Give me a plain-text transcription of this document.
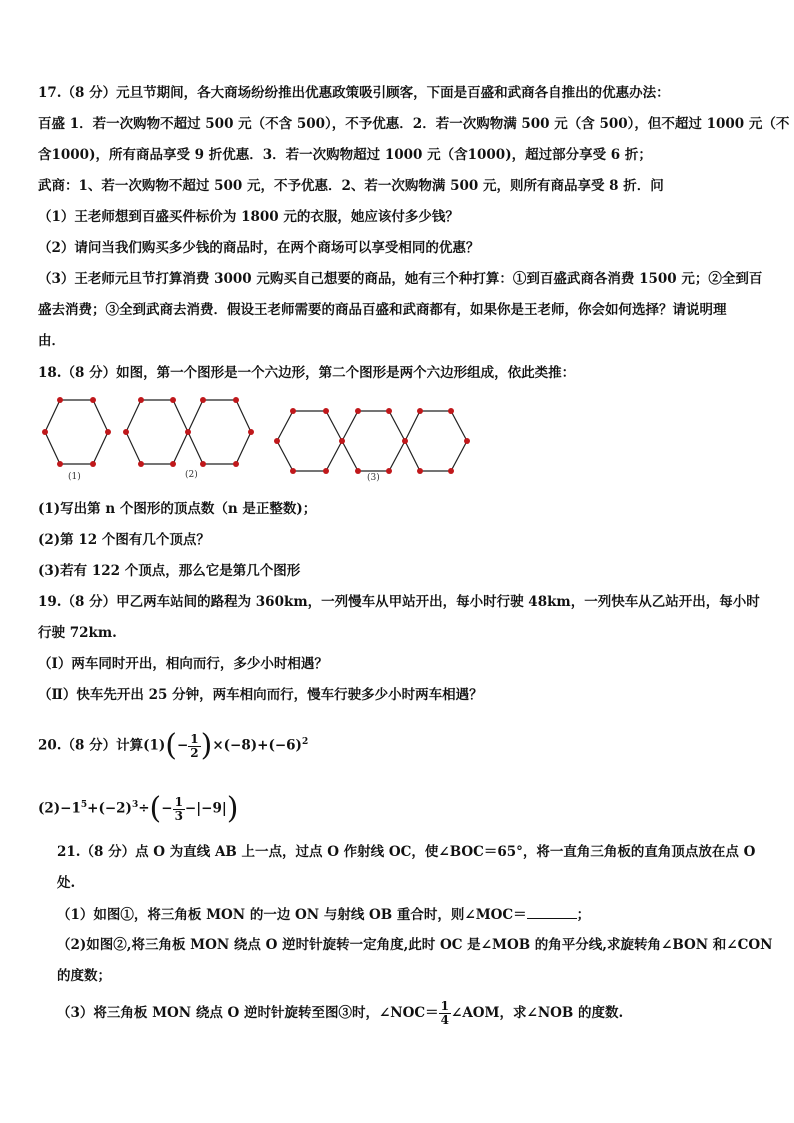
17.（8 分）元旦节期间，各大商场纷纷推出优惠政策吸引顾客，下面是百盛和武商各自推出的优惠办法：
百盛 1．若一次购物不超过 500 元（不含 500），不予优惠．2．若一次购物满 500 元（含 500），但不超过 1000 元（不
含1000)，所有商品享受 9 折优惠．3．若一次购物超过 1000 元（含1000)，超过部分享受 6 折；
武商：1、若一次购物不超过 500 元，不予优惠．2、若一次购物满 500 元，则所有商品享受 8 折．问
（1）王老师想到百盛买件标价为 1800 元的衣服，她应该付多少钱？
（2）请问当我们购买多少钱的商品时，在两个商场可以享受相同的优惠？
（3）王老师元旦节打算消费 3000 元购买自己想要的商品，她有三个种打算：①到百盛武商各消费 1500 元；②全到百
盛去消费；③全到武商去消费．假设王老师需要的商品百盛和武商都有，如果你是王老师，你会如何选择？请说明理
由．
18.（8 分）如图，第一个图形是一个六边形，第二个图形是两个六边形组成，依此类推：
(1)	(2)	(3)
(1)写出第 n 个图形的顶点数（n 是正整数)；
(2)第 12 个图有几个顶点？
(3)若有 122 个顶点，那么它是第几个图形
19.（8 分）甲乙两车站间的路程为 360km，一列慢车从甲站开出，每小时行驶 48km，一列快车从乙站开出，每小时
行驶 72km.
（Ⅰ）两车同时开出，相向而行，多少小时相遇？
（Ⅱ）快车先开出 25 分钟，两车相向而行，慢车行驶多少小时两车相遇？
20.（8 分）计算$(1)(- \frac{1}{2} )\times(-8)+(-6)^2$
$(2)-1^5+(-2)^3\div(- \frac{1}{3} -|-9|)$
21.（8 分）点 O 为直线 AB 上一点，过点 O 作射线 OC，使∠BOC＝65°，将一直角三角板的直角顶点放在点 O
处.
（1）如图①，将三角板 MON 的一边 ON 与射线 OB 重合时，则∠MOC＝	；
（2)如图②,将三角板 MON 绕点 O 逆时针旋转一定角度,此时 OC 是∠MOB 的角平分线,求旋转角∠BON 和∠CON
的度数；
（3）将三角板 MON 绕点 O 逆时针旋转至图③时，∠NOC＝ $\frac{1}{4}$ ∠AOM，求∠NOB 的度数.
